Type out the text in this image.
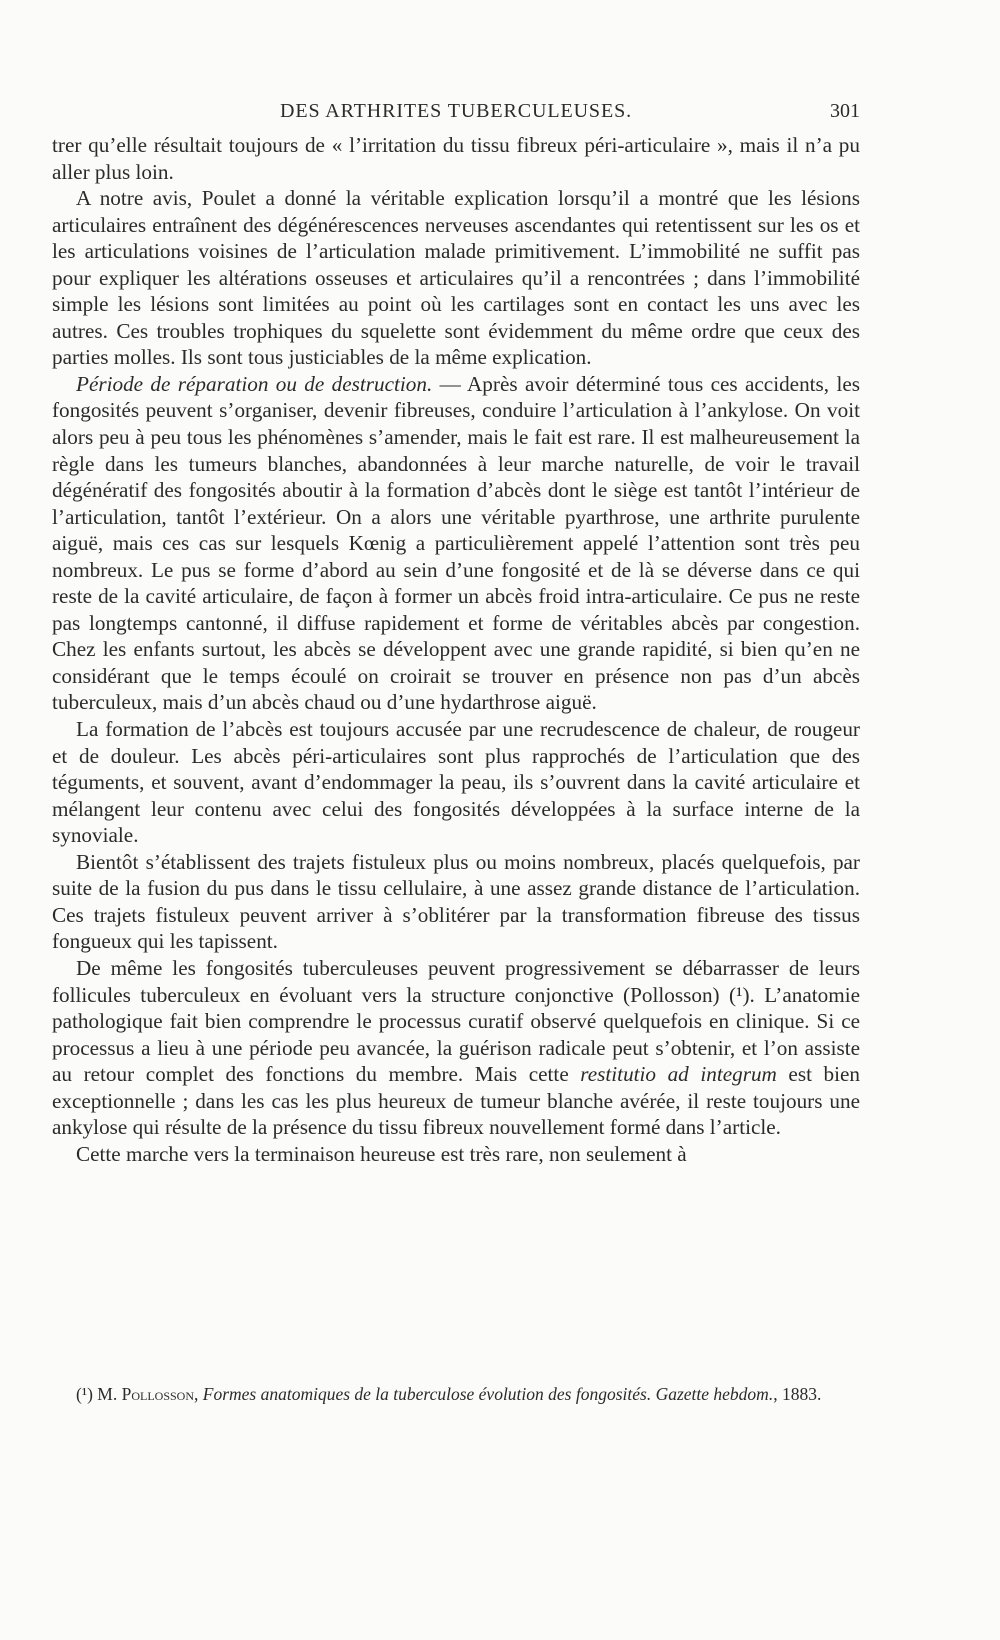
DES ARTHRITES TUBERCULEUSES.	301

trer qu’elle résultait toujours de « l’irritation du tissu fibreux péri-articulaire », mais il n’a pu aller plus loin.

A notre avis, Poulet a donné la véritable explication lorsqu’il a montré que les lésions articulaires entraînent des dégénérescences nerveuses ascendantes qui retentissent sur les os et les articulations voisines de l’articulation malade primitivement. L’immobilité ne suffit pas pour expliquer les altérations osseuses et articulaires qu’il a rencontrées ; dans l’immobilité simple les lésions sont limitées au point où les cartilages sont en contact les uns avec les autres. Ces troubles trophiques du squelette sont évidemment du même ordre que ceux des parties molles. Ils sont tous justiciables de la même explication.

Période de réparation ou de destruction. — Après avoir déterminé tous ces accidents, les fongosités peuvent s’organiser, devenir fibreuses, conduire l’articulation à l’ankylose. On voit alors peu à peu tous les phénomènes s’amender, mais le fait est rare. Il est malheureusement la règle dans les tumeurs blanches, abandonnées à leur marche naturelle, de voir le travail dégénératif des fongosités aboutir à la formation d’abcès dont le siège est tantôt l’intérieur de l’articulation, tantôt l’extérieur. On a alors une véritable pyarthrose, une arthrite purulente aiguë, mais ces cas sur lesquels Kœnig a particulièrement appelé l’attention sont très peu nombreux. Le pus se forme d’abord au sein d’une fongosité et de là se déverse dans ce qui reste de la cavité articulaire, de façon à former un abcès froid intra-articulaire. Ce pus ne reste pas longtemps cantonné, il diffuse rapidement et forme de véritables abcès par congestion. Chez les enfants surtout, les abcès se développent avec une grande rapidité, si bien qu’en ne considérant que le temps écoulé on croirait se trouver en présence non pas d’un abcès tuberculeux, mais d’un abcès chaud ou d’une hydarthrose aiguë.

La formation de l’abcès est toujours accusée par une recrudescence de chaleur, de rougeur et de douleur. Les abcès péri-articulaires sont plus rapprochés de l’articulation que des téguments, et souvent, avant d’endommager la peau, ils s’ouvrent dans la cavité articulaire et mélangent leur contenu avec celui des fongosités développées à la surface interne de la synoviale.

Bientôt s’établissent des trajets fistuleux plus ou moins nombreux, placés quelquefois, par suite de la fusion du pus dans le tissu cellulaire, à une assez grande distance de l’articulation. Ces trajets fistuleux peuvent arriver à s’oblitérer par la transformation fibreuse des tissus fongueux qui les tapissent.

De même les fongosités tuberculeuses peuvent progressivement se débarrasser de leurs follicules tuberculeux en évoluant vers la structure conjonctive (Pollosson) (¹). L’anatomie pathologique fait bien comprendre le processus curatif observé quelquefois en clinique. Si ce processus a lieu à une période peu avancée, la guérison radicale peut s’obtenir, et l’on assiste au retour complet des fonctions du membre. Mais cette restitutio ad integrum est bien exceptionnelle ; dans les cas les plus heureux de tumeur blanche avérée, il reste toujours une ankylose qui résulte de la présence du tissu fibreux nouvellement formé dans l’article.

Cette marche vers la terminaison heureuse est très rare, non seulement à

(¹) M. Pollosson, Formes anatomiques de la tuberculose évolution des fongosités. Gazette hebdom., 1883.
